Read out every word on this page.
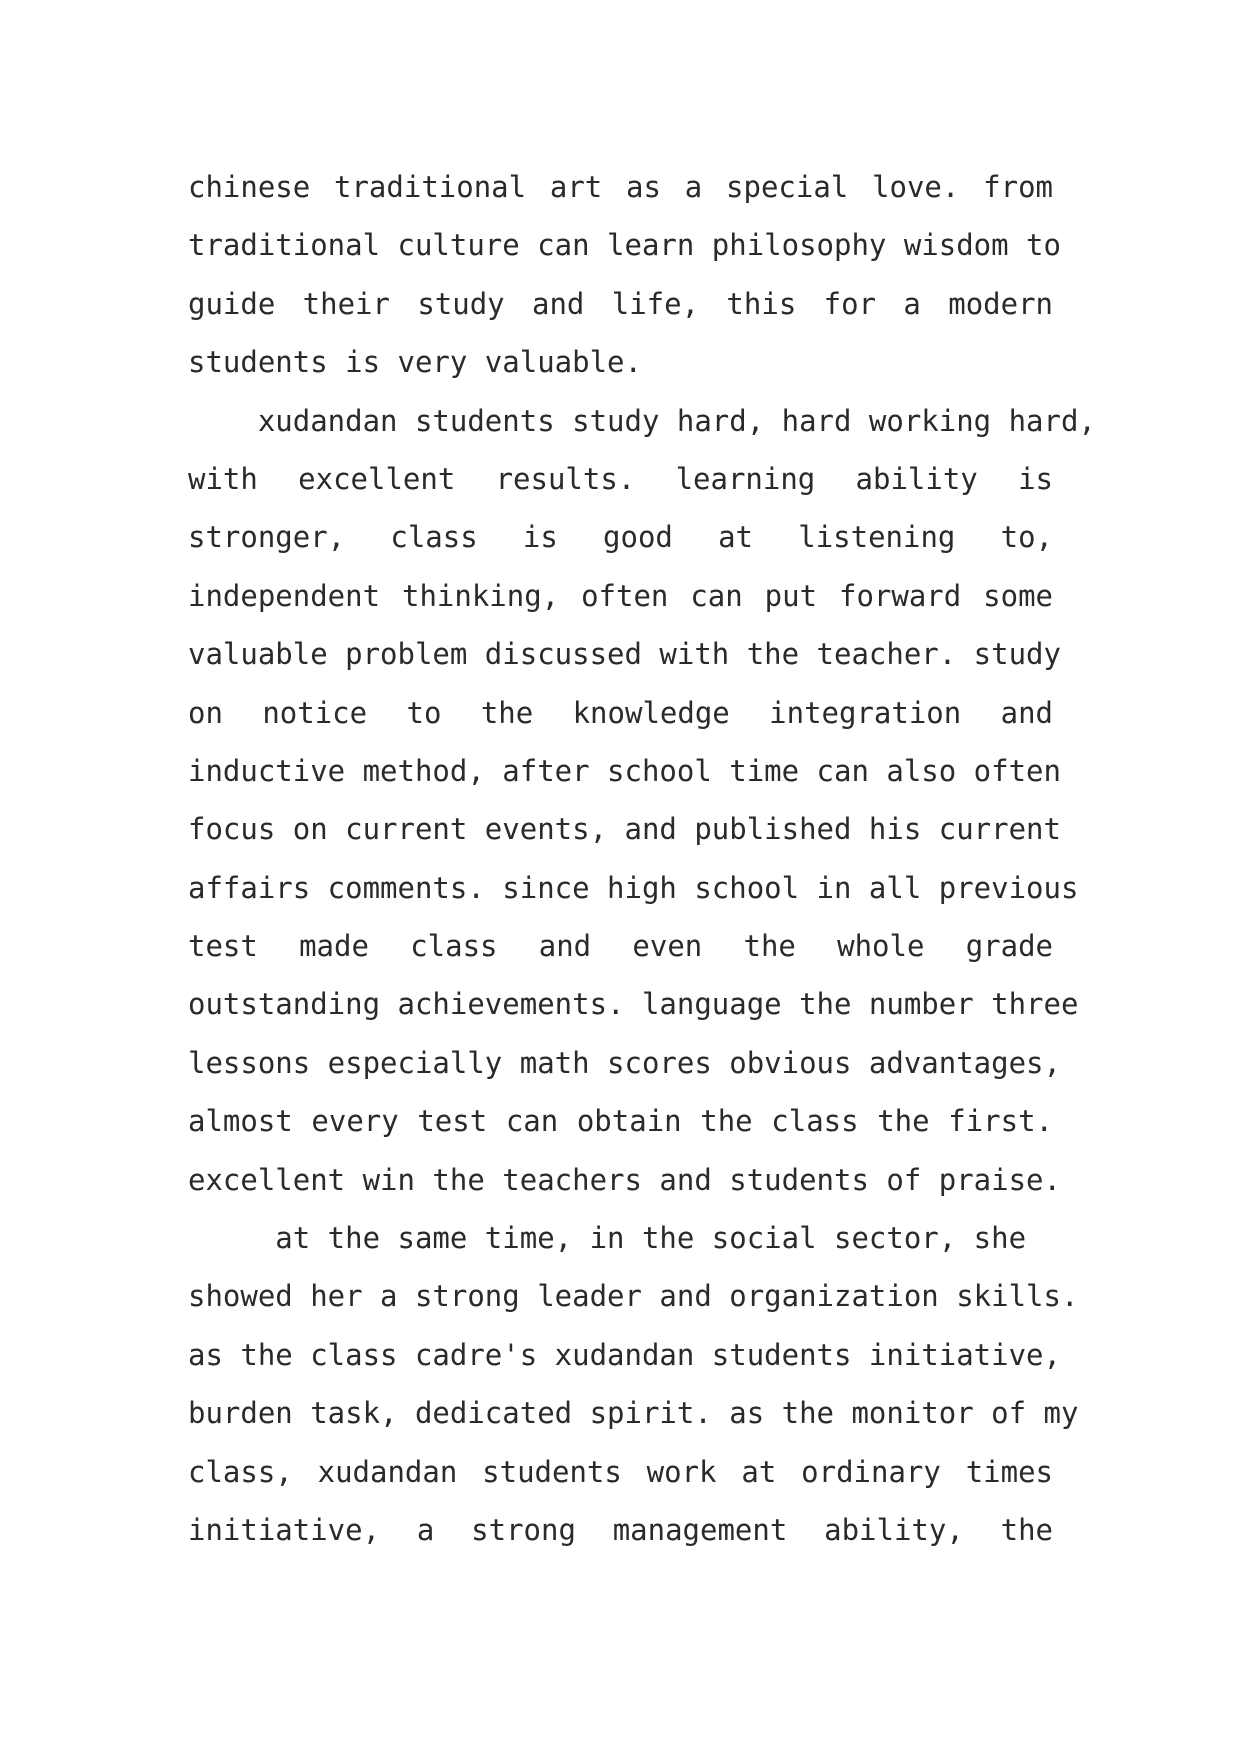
chinese traditional art as a special love. from
traditional culture can learn philosophy wisdom to
guide their study and life, this for a modern
students is very valuable.
xudandan students study hard, hard working hard,
with excellent results. learning ability is
stronger, class is good at listening to,
independent thinking, often can put forward some
valuable problem discussed with the teacher. study
on notice to the knowledge integration and
inductive method, after school time can also often
focus on current events, and published his current
affairs comments. since high school in all previous
test made class and even the whole grade
outstanding achievements. language the number three
lessons especially math scores obvious advantages,
almost every test can obtain the class the first.
excellent win the teachers and students of praise.
at the same time, in the social sector, she
showed her a strong leader and organization skills.
as the class cadre's xudandan students initiative,
burden task, dedicated spirit. as the monitor of my
class, xudandan students work at ordinary times
initiative, a strong management ability, the
